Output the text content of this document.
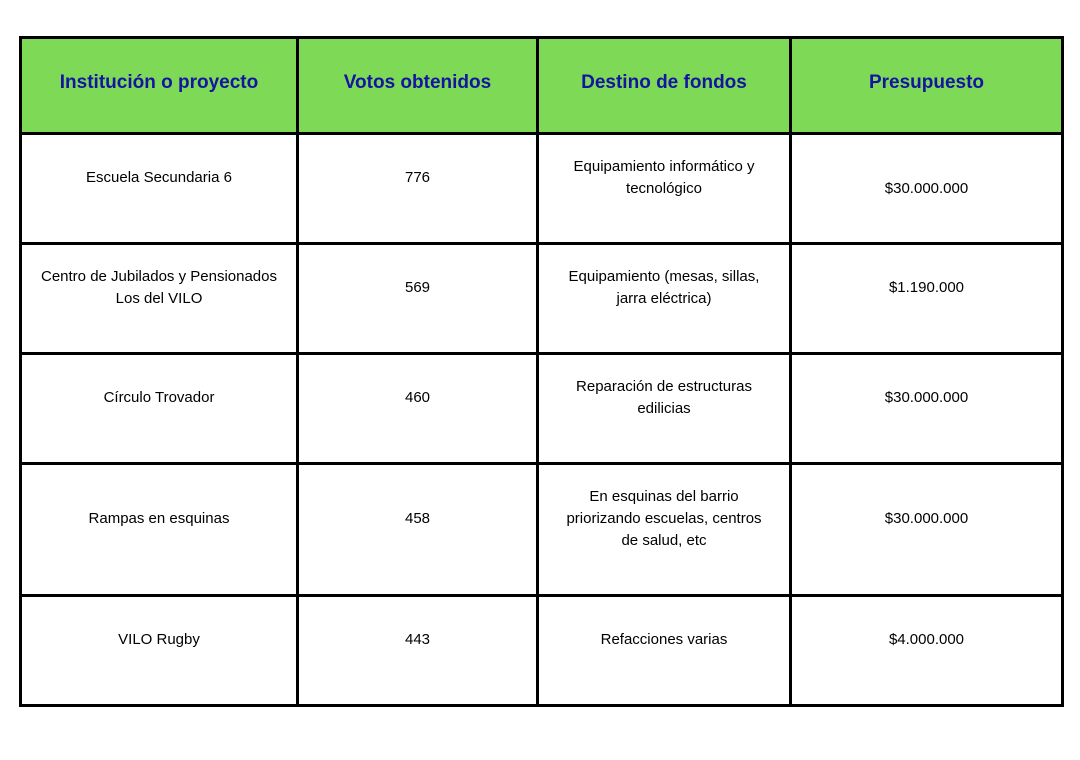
Institución o proyecto	Votos obtenidos	Destino de fondos	Presupuesto

Escuela Secundaria 6	776	Equipamiento informático y tecnológico	$30.000.000

Centro de Jubilados y Pensionados Los del VILO	569	Equipamiento (mesas, sillas, jarra eléctrica)	$1.190.000

Círculo Trovador	460	Reparación de estructuras edilicias	$30.000.000

Rampas en esquinas	458	En esquinas del barrio priorizando escuelas, centros de salud, etc	$30.000.000

VILO Rugby	443	Refacciones varias	$4.000.000
